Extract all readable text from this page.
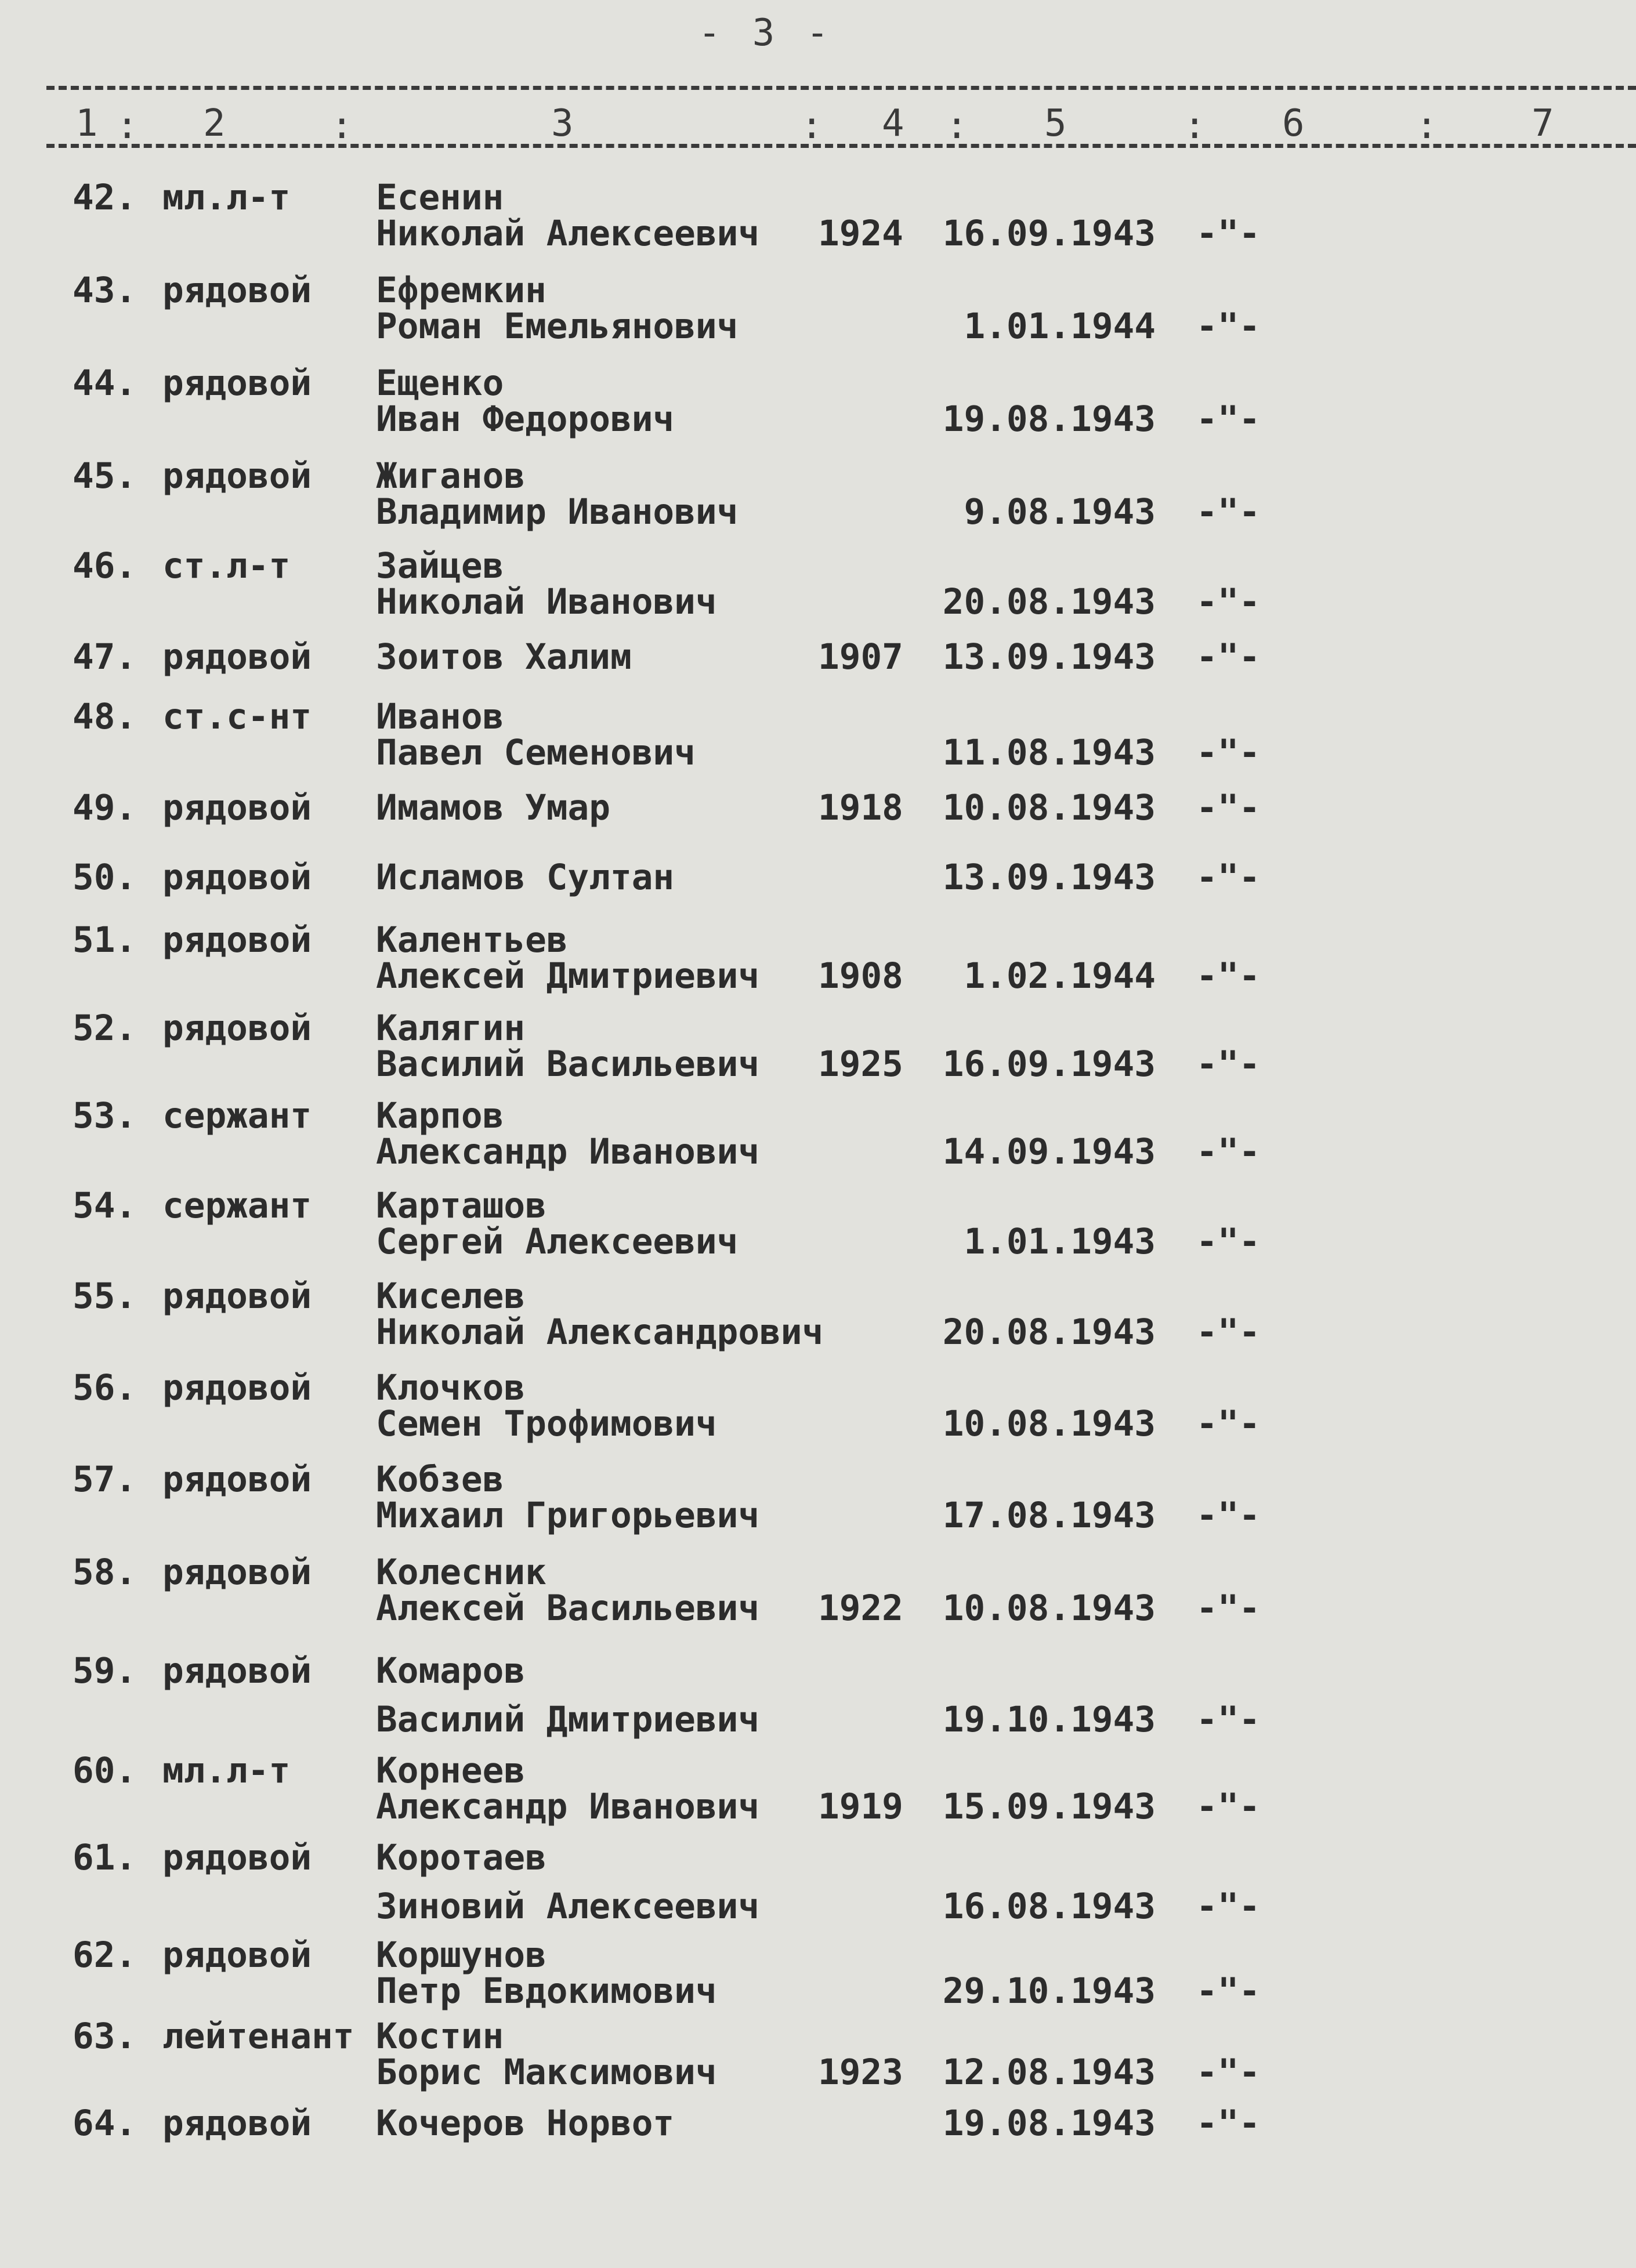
- 3 -
1 : 2	:	3	: 4 : 5	: 6	:	7
42. мл.л-т Есенин
Николай Алексеевич 1924 16.09.1943 -"-
43. рядовой Ефремкин
Роман Емельянович	1.01.1944 -"-
44. рядовой Ещенко
Иван Федорович	19.08.1943 -"-
45. рядовой Жиганов
Владимир Иванович	9.08.1943 -"-
46. ст.л-т Зайцев
Николай Иванович	20.08.1943 -"-
47. рядовой Зоитов Халим	1907 13.09.1943 -"-
48. ст.с-нт Иванов
Павел Семенович	11.08.1943 -"-
49. рядовой Имамов Умар	1918 10.08.1943 -"-
50. рядовой Исламов Султан	13.09.1943 -"-
51. рядовой Калентьев
Алексей Дмитриевич 1908	1.02.1944 -"-
52. рядовой Калягин
Василий Васильевич 1925 16.09.1943 -"-
53. сержант Карпов
Александр Иванович	14.09.1943 -"-
54. сержант Карташов
Сергей Алексеевич	1.01.1943 -"-
55. рядовой Киселев
Николай Александрович	20.08.1943 -"-
56. рядовой Клочков
Семен Трофимович	10.08.1943 -"-
57. рядовой Кобзев
Михаил Григорьевич	17.08.1943 -"-
58. рядовой Колесник
Алексей Васильевич 1922 10.08.1943 -"-
59. рядовой Комаров
Василий Дмитриевич	19.10.1943 -"-
60. мл.л-т Корнеев
Александр Иванович 1919 15.09.1943 -"-
61. рядовой Коротаев
Зиновий Алексеевич	16.08.1943 -"-
62. рядовой Коршунов
Петр Евдокимович	29.10.1943 -"-
63. лейтенант Костин
Борис Максимович	1923 12.08.1943 -"-
64. рядовой Кочеров Норвот	19.08.1943 -"-
